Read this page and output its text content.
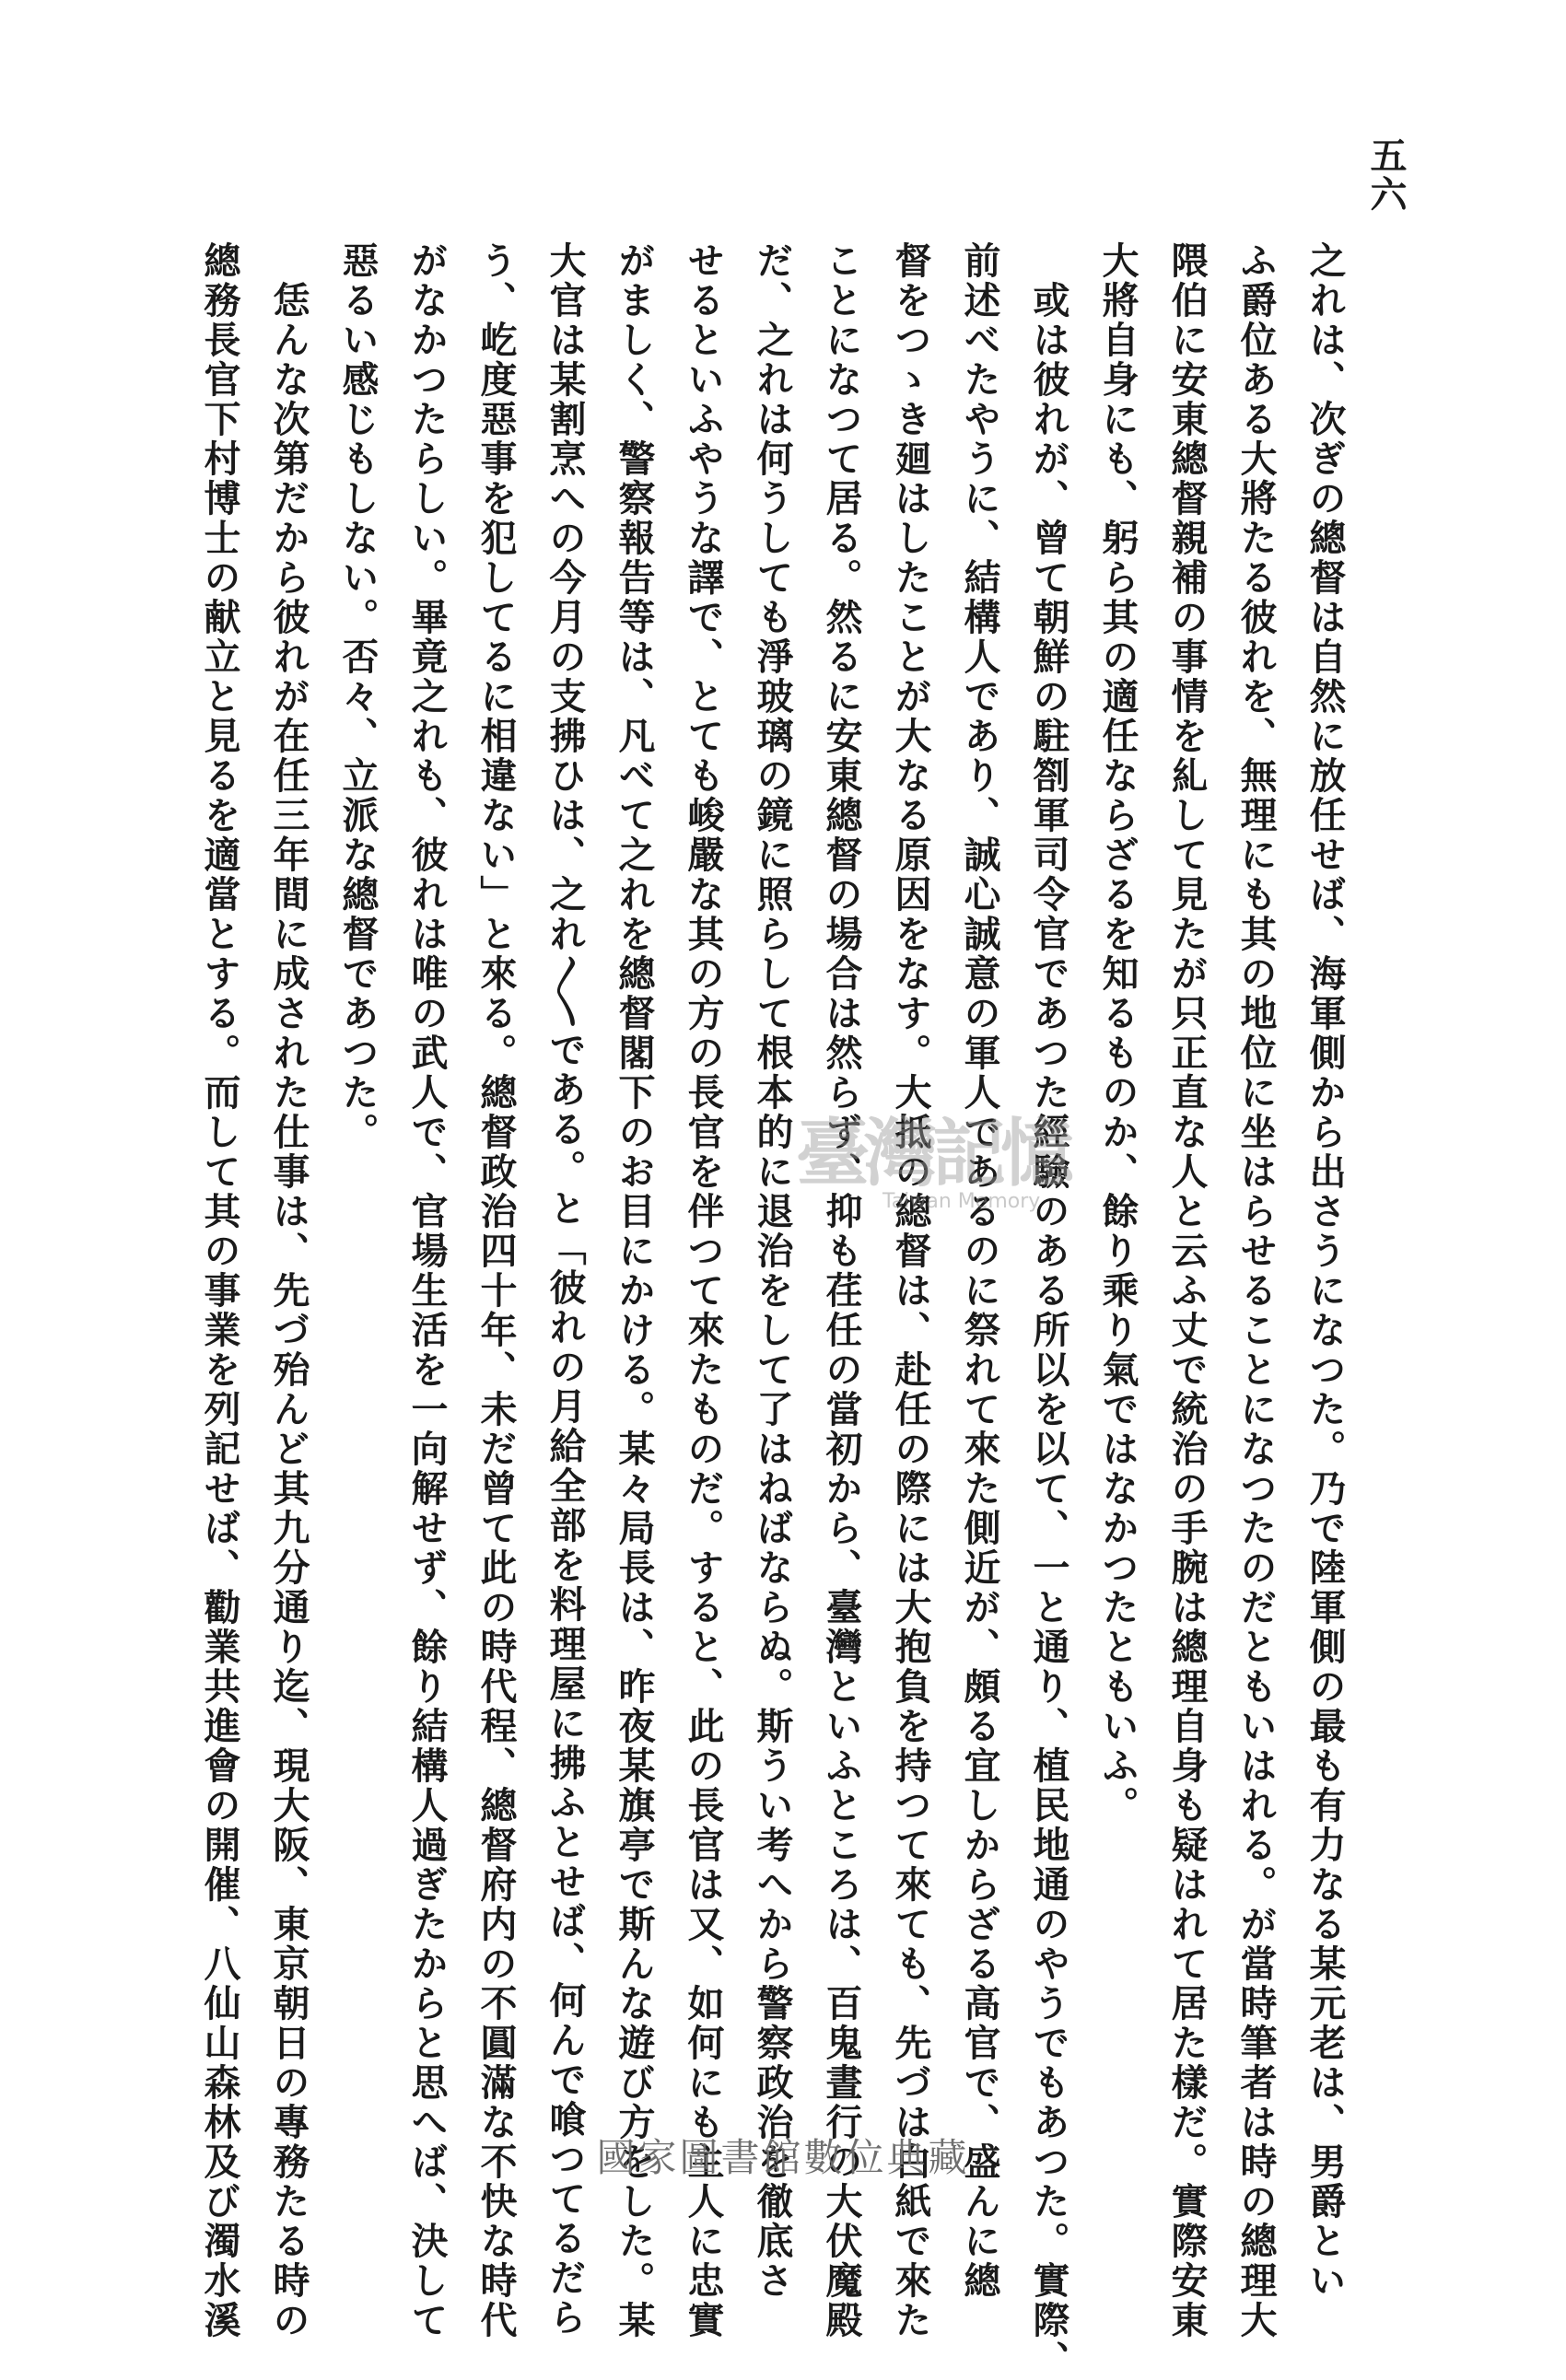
五六
之れは、次ぎの總督は自然に放任せば、海軍側から出さうになつた。乃で陸軍側の最も有力なる某元老は、男爵とい
ふ爵位ある大將たる彼れを、無理にも其の地位に坐はらせることになつたのだともいはれる。が當時筆者は時の總理大
隈伯に安東總督親補の事情を糺して見たが只正直な人と云ふ丈で統治の手腕は總理自身も疑はれて居た樣だ。實際安東
大將自身にも、躬ら其の適任ならざるを知るものか、餘り乘り氣ではなかつたともいふ。
　或は彼れが、曾て朝鮮の駐劄軍司令官であつた經驗のある所以を以て、一と通り、植民地通のやうでもあつた。實際、
前述べたやうに、結構人であり、誠心誠意の軍人であるのに祭れて來た側近が、頗る宜しからざる高官で、盛んに總
督をつゝき廻はしたことが大なる原因をなす。大抵の總督は、赴任の際には大抱負を持つて來ても、先づは白紙で來た
ことになつて居る。然るに安東總督の場合は然らず、抑も荏任の當初から、臺灣といふところは、百鬼晝行の大伏魔殿
だ、之れは何うしても淨玻璃の鏡に照らして根本的に退治をして了はねばならぬ。斯うい考へから警察政治を徹底さ
せるといふやうな譯で、とても峻嚴な其の方の長官を伴つて來たものだ。すると、此の長官は又、如何にも主人に忠實
がましく、警察報告等は、凡べて之れを總督閣下のお目にかける。某々局長は、昨夜某旗亭で斯んな遊び方をした。某
大官は某割烹への今月の支拂ひは、之れ〳〵である。と「彼れの月給全部を料理屋に拂ふとせば、何んで喰つてるだら
う、屹度惡事を犯してるに相違ない」と來る。總督政治四十年、未だ曾て此の時代程、總督府内の不圓滿な不快な時代
がなかつたらしい。畢竟之れも、彼れは唯の武人で、官場生活を一向解せず、餘り結構人過ぎたからと思へば、決して
惡るい感じもしない。否々、立派な總督であつた。
　恁んな次第だから彼れが在任三年間に成された仕事は、先づ殆んど其九分通り迄、現大阪、東京朝日の專務たる時の
總務長官下村博士の献立と見るを適當とする。而して其の事業を列記せば、勸業共進會の開催、八仙山森林及び濁水溪	臺灣記憶
Taiwan Memory
國家圖書館數位典藏
